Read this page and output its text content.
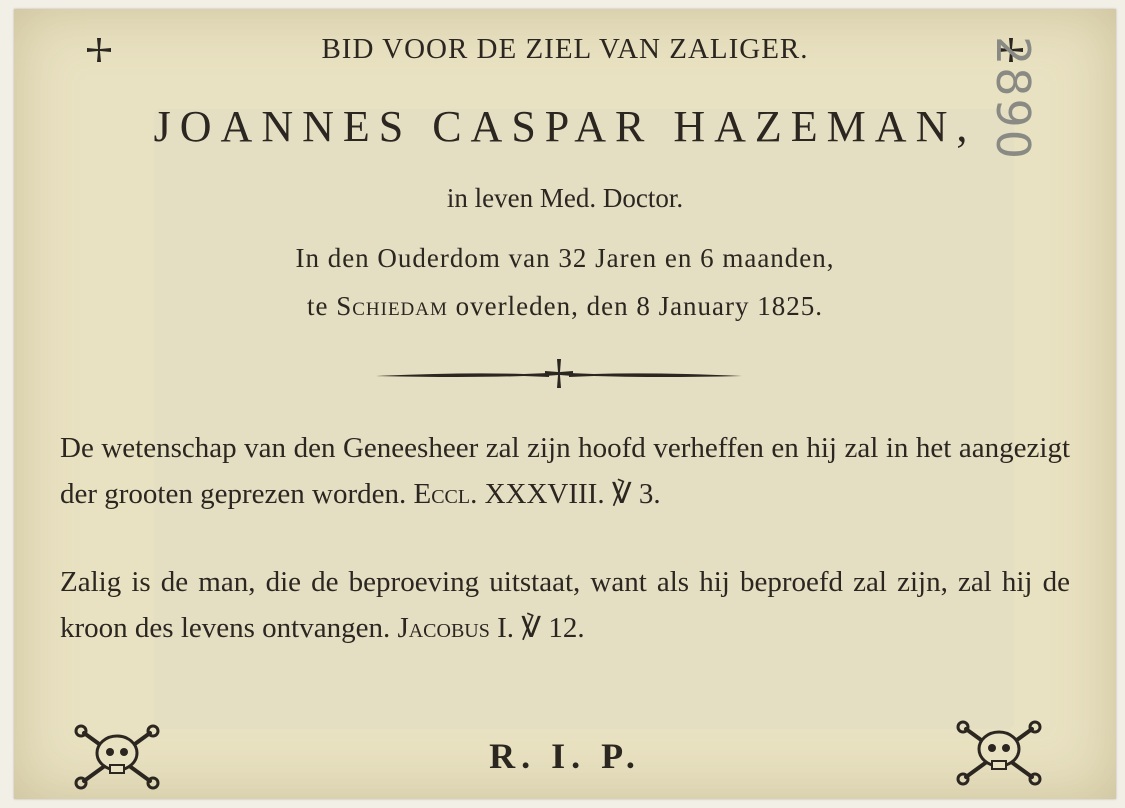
BID VOOR DE ZIEL VAN ZALIGER.
JOANNES CASPAR HAZEMAN,
in leven Med. Doctor.
In den Ouderdom van 32 Jaren en 6 maanden,
te Schiedam overleden, den 8 January 1825.
De wetenschap van den Geneesheer zal zijn hoofd verheffen en hij zal in het aangezigt der grooten geprezen worden. Eccl. XXXVIII. ℣ 3.
Zalig is de man, die de beproeving uitstaat, want als hij beproefd zal zijn, zal hij de kroon des levens ontvangen. Jacobus I. ℣ 12.
R. I. P.
2890
